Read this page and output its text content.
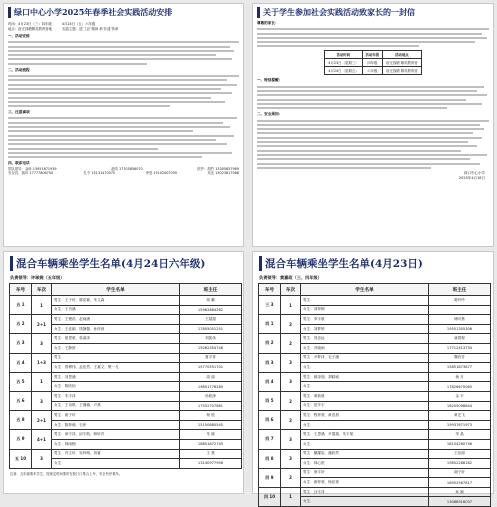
绿口中心小学2025年春季社会实践活动安排
时间：4月23日（三）四年级	4月24日（五）六年级
地点：宿迁钱塘精英教育营地	实践主题：迎‘工匠’精神 承‘非遗’传承
一、活动安排
二、活动流程
三、注意事项
四、联系电话
带队领导：金昕 15951671939	赵鸣 17705856070	医护：胡竹 13305857989
安全员：钱叶 17777808700	孔令 15131470070	李莹 15102007050	吴光 13023817068
关于学生参加社会实践活动致家长的一封信
尊敬的家长：
活动时间	活动年级	活动地点
4月23日（星期三）	四年级	宿迁钱塘 精英教育营
4月24日（星期五）	六年级	宿迁钱塘 精英教育营
一、特别提醒：
二、安全须知：
绿口中心小学
2025年4月18日
混合车辆乘坐学生名单(4月24日六年级)
负责领导：许琢婉（五年级）
车号	车次	学生名单	班主任
五 1	1	男生：王子轩、陈佳颖、朱文森	周 鹏
		女生：王书涵	15962884282
五 2	2+1	男生：王俊浩、赵雨涵	王超超
		女生：王佳颖、钱静馨、孙梓萱	17805051251
五 3	3	男生：夏思豪、张睿泽	刘凯伟
		女生：王静妍	15062354748
五 4	1+3	男生：	夏平青
		女生：郑博伟、孟佳然、王嘉文、樊一凡	15770551701
五 5	1	男生：刘思涵	周 丽
		女生：陈欣怡	19851776280
五 6	3	男生：朱宇泽	孙乾涛
		女生：王诗琪、王瑾瑜、卢燕	17552707681
五 8	2+1	男生：唐子轩	杨 悦
		女生：陈梓萌、石伊	15150680545
五 9	4+1	男生：徐宇泽、邱宇航、韩轩洋	朱 晓
		女生：林雨桐	18851872745
五 10	3	男生：冯文轩、吴梓萌、刘睿	王 燕
		女生：	13140977956
注意：五年级乘车学生，按规定时间准时在校门口集合上车，安全有序乘车。
混合车辆乘坐学生名单(4月23日)
负责领导：黄嘉政（三、四年级）
车号	车次	学生名单	班主任
三 3	1	男生：	陈玲玲
		女生：刘梓桐	
四 1	2	男生：李宇航	储可燕
		女生：刘梦婷	19551305306
四 2	2	男生：刘忠远	唐群程
		女生：冯晓雨	17712413734
四 3	3	男生：尹梦泽、毛子涵	魏有芳
		女生：	15851873877
四 4	3	男生：顾泽瑞、胡皓威	杨 月
		女生：	17826670065
四 5	2	男生：黄新晨	金 平
		女生：范辛宇	18205098844
四 6	2	男生：程梓萱、黄语晨	黄艺飞
		女生：	19937671973
四 7	3	男生：王思涵、尹震瑞、朱宇航	李 晶
		女生：	18154260746
四 8	3	男生：戴耀宸、潘欣然	王佳丽
		女生：林心悦	19852268182
四 9	2	男生：徐宇轩	谢子轩
		女生：唐梓萱、杨佳萱	18952567817
四 10	1	男生：沙宇泽	孙 颖
		女生：	13088916037
